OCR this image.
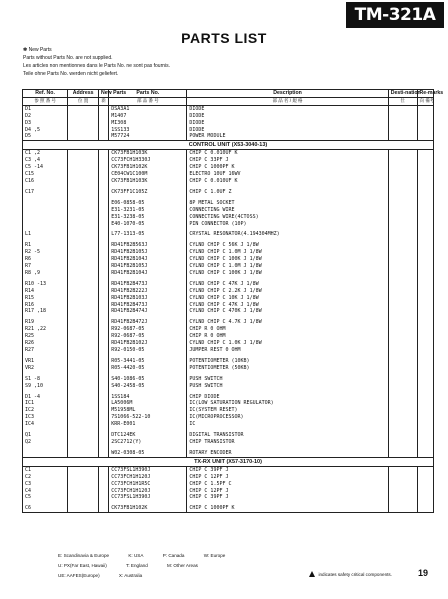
TM-321A
PARTS LIST
✽ New Parts
Parts without Parts No. are not supplied.
Les articles non mentionnes dans le Parts No. ne sont pas fournis.
Teile ohne Parts No. werden nicht geliefert.
Ref. No.	Address	New Parts	Parts No.	Description	Desti-nation	Re-marks
参 照 番 号	位 置	新	部 品 番 号	部 品 名 / 規 格	仕	向 備考
D1			DSA3A1	DIODE		
D2			M1407	DIODE		
D3			MI308	DIODE		
D4 ,5			1SS133	DIODE		
D5			M57724	POWER MODULE		
CONTROL UNIT (X53-3040-13)						
C1 ,2			CK73FB1H103K	CHIP C 0.010UF K		
C3 ,4			CC73FCH1H330J	CHIP C 33PF J		
C5 -14			CK73FB1H102K	CHIP C 1000PF K		
C15			CE04CW1C100M	ELECTRO 10UF 16WV		
C16			CK73FB1H103K	CHIP C 0.010UF K		

C17			CK73FF1C105Z	CHIP C 1.0UF Z		

			E06-0858-05	8P METAL SOCKET		
			E31-3231-05	CONNECTING WIRE		
			E31-3238-05	CONNECTING WIRE(4CTOSS)		
			E40-1070-05	PIN CONNECTOR (10P)		

L1			L77-1313-05	CRYSTAL RESONATOR(4.194304MHZ)		

R1			RD41FB2B563J	CYLND CHIP C 56K J 1/8W		
R2 -5			RD41FB2B105J	CYLND CHIP C 1.0M J 1/8W		
R6			RD41FB2B104J	CYLND CHIP C 100K J 1/8W		
R7			RD41FB2B105J	CYLND CHIP C 1.0M J 1/8W		
R8 ,9			RD41FB2B104J	CYLND CHIP C 100K J 1/8W		

R10 -13			RD41FB2B473J	CYLND CHIP C 47K J 1/8W		
R14			RD41FB2B222J	CYLND CHIP C 2.2K J 1/8W		
R15			RD41FB2B103J	CYLND CHIP C 10K J 1/8W		
R16			RD41FB2B473J	CYLND CHIP C 47K J 1/8W		
R17 ,18			RD41FB2B474J	CYLND CHIP C 470K J 1/8W		

R19			RD41FB2B472J	CYLND CHIP C 4.7K J 1/8W		
R21 ,22			R92-0687-05	CHIP R 0 OHM		
R25			R92-0687-05	CHIP R 0 OHM		
R26			RD41FB2B102J	CYLND CHIP C 1.0K J 1/8W		
R27			R92-0150-05	JUMPER REST 0 OHM		

VR1			R05-3441-05	POTENTIOMETER (10KB)		
VR2			R05-4420-05	POTENTIOMETER (50KB)		

S1 -8			S40-1086-05	PUSH SWITCH		
S9 ,10			S40-2458-05	PUSH SWITCH		

D1 -4			1SS184	CHIP DIODE		
IC1			LA5006M	IC(LOW SATURATION REGULATOR)		
IC2			M51958ML	IC(SYSTEM RESET)		
IC3			7S1066-522-10	IC(MICROPROCESSOR)		
IC4			KRR-E001	IC		

Q1			DTC124EK	DIGITAL TRANSISTOR		
Q2			2SC2712(Y)	CHIP TRANSISTOR		

			W02-0308-05	ROTARY ENCODER		
TX-RX UNIT (X57-3170-10)						
C1			CC73FSL1H390J	CHIP C 39PF J		
C2			CC73FCH1H120J	CHIP C 12PF J		
C3			CC73FCH1H1R5C	CHIP C 1.5PF C		
C4			CC73FCH1H120J	CHIP C 12PF J		
C5			CC73FSL1H390J	CHIP C 39PF J		

C6			CK73FB1H102K	CHIP C 1000PF K		
E: Scandinavia & Europe	K: USA	P: Canada	W: Europe
U: PX(Far East, Hawaii)	T: England	M: Other Areas
UE: AAFES(Europe)	X: Australia	indicates safety critical components.	19
